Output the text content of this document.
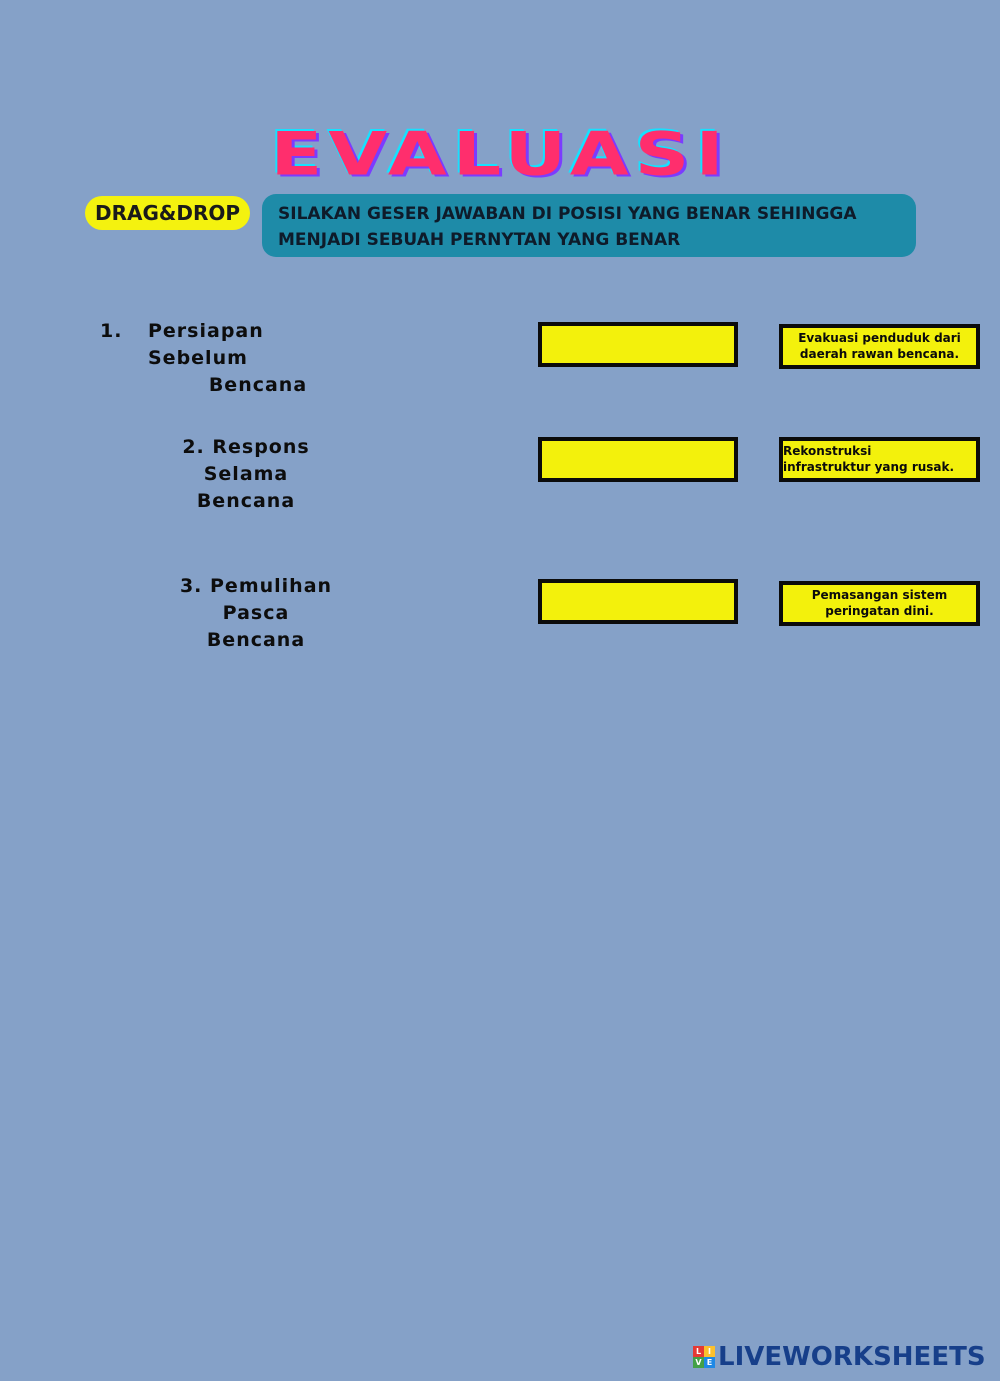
EVALUASI
DRAG&DROP	SILAKAN GESER JAWABAN DI POSISI YANG BENAR SEHINGGA
MENJADI SEBUAH PERNYTAN YANG BENAR
1. Persiapan Sebelum
Bencana
2. Respons Selama
Bencana
3. Pemulihan Pasca
Bencana
Evakuasi penduduk dari
daerah rawan bencana.
Rekonstruksi
infrastruktur yang rusak.
Pemasangan sistem
peringatan dini.
L I
V E LIVEWORKSHEETS
